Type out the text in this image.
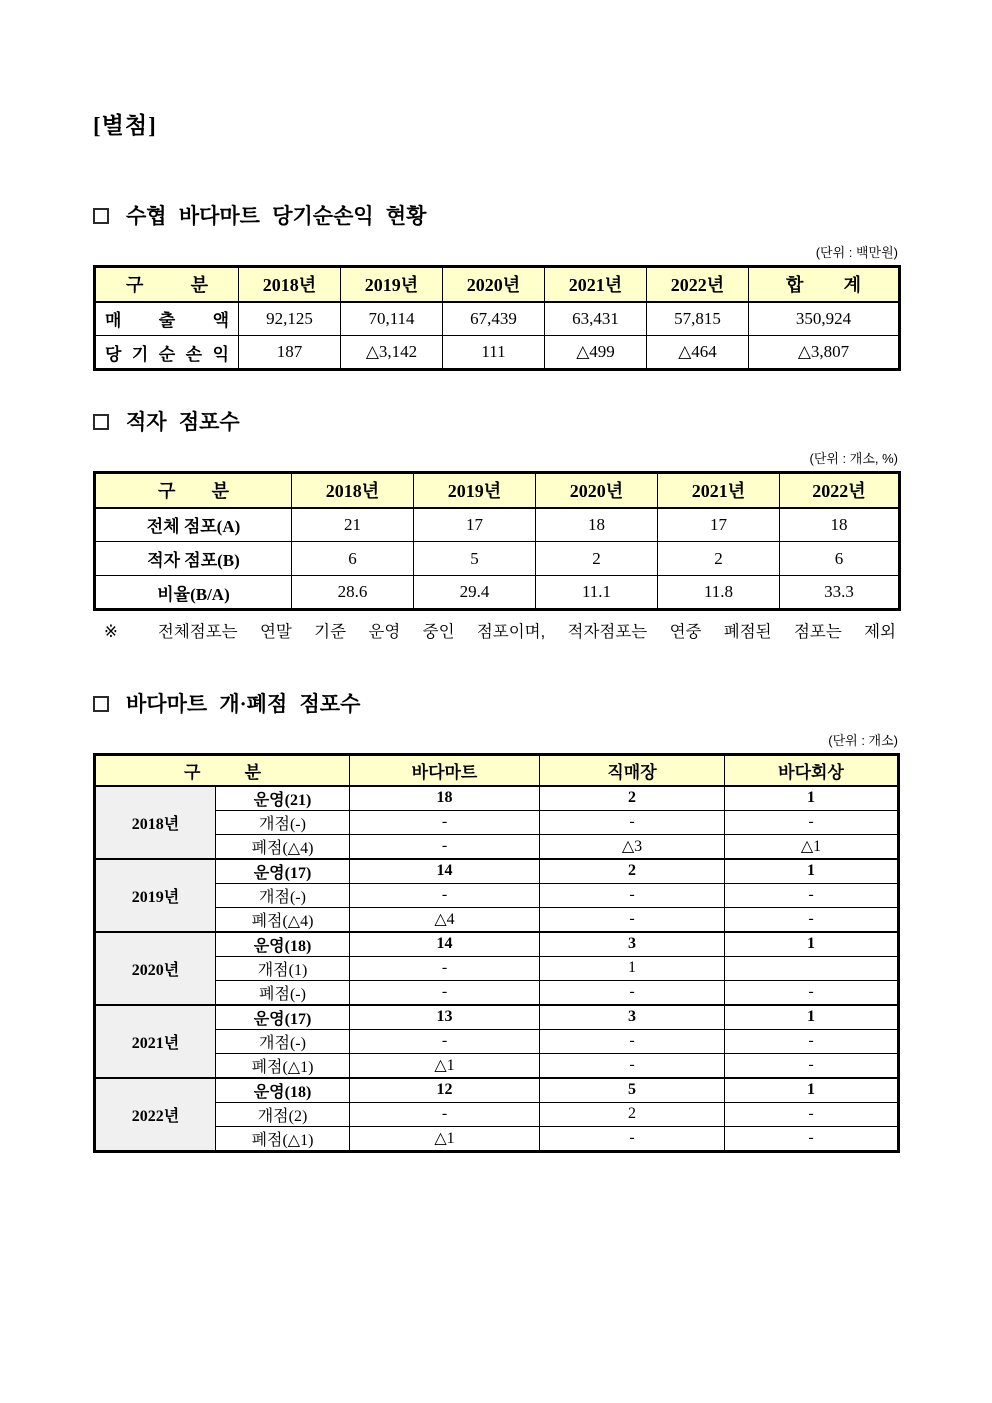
[별첨]
수협 바다마트 당기순손익 현황
(단위 : 백만원)
구 분	2018년	2019년	2020년	2021년	2022년	합 계
매 출 액	92,125	70,114	67,439	63,431	57,815	350,924
당 기 순 손 익	187	△3,142	111	△499	△464	△3,807
적자 점포수
(단위 : 개소, %)
구 분	2018년	2019년	2020년	2021년	2022년
전체 점포(A)	21	17	18	17	18
적자 점포(B)	6	5	2	2	6
비율(B/A)	28.6	29.4	11.1	11.8	33.3
※ 전체점포는 연말 기준 운영 중인 점포이며, 적자점포는 연중 폐점된 점포는 제외
바다마트 개·폐점 점포수
(단위 : 개소)
구 분		바다마트	직매장	바다회상
2018년	운영(21)	18	2	1
	개점(-)	-	-	-
	폐점(△4)	-	△3	△1
2019년	운영(17)	14	2	1
	개점(-)	-	-	-
	폐점(△4)	△4	-	-
2020년	운영(18)	14	3	1
	개점(1)	-	1	
	폐점(-)	-	-	-
2021년	운영(17)	13	3	1
	개점(-)	-	-	-
	폐점(△1)	△1	-	-
2022년	운영(18)	12	5	1
	개점(2)	-	2	-
	폐점(△1)	△1	-	-
